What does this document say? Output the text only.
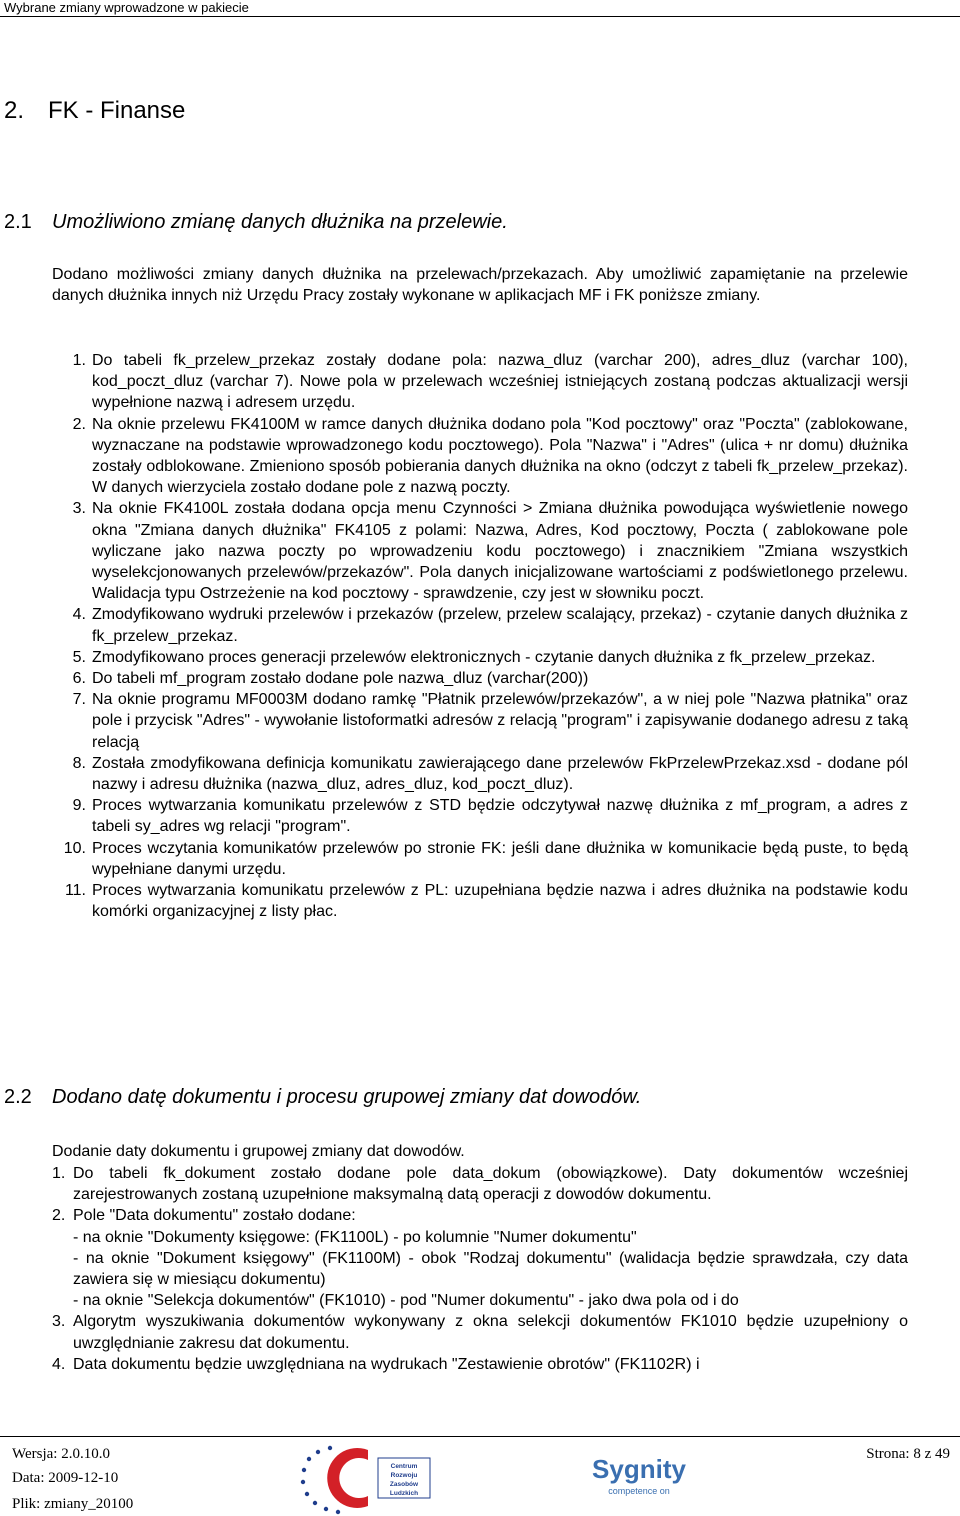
Wybrane zmiany wprowadzone w pakiecie
2. FK - Finanse
2.1 Umożliwiono zmianę danych dłużnika na przelewie.

Dodano możliwości zmiany danych dłużnika na przelewach/przekazach. Aby umożliwić zapamiętanie na przelewie danych dłużnika innych niż Urzędu Pracy zostały wykonane w aplikacjach MF i FK poniższe zmiany.

1. Do tabeli fk_przelew_przekaz zostały dodane pola: nazwa_dluz (varchar 200), adres_dluz (varchar 100), kod_poczt_dluz (varchar 7). Nowe pola w przelewach wcześniej istniejących zostaną podczas aktualizacji wersji wypełnione nazwą i adresem urzędu.
2. Na oknie przelewu FK4100M w ramce danych dłużnika dodano pola "Kod pocztowy" oraz "Poczta" (zablokowane, wyznaczane na podstawie wprowadzonego kodu pocztowego). Pola "Nazwa" i "Adres" (ulica + nr domu) dłużnika zostały odblokowane. Zmieniono sposób pobierania danych dłużnika na okno (odczyt z tabeli fk_przelew_przekaz). W danych wierzyciela zostało dodane pole z nazwą poczty.
3. Na oknie FK4100L została dodana opcja menu Czynności > Zmiana dłużnika powodująca wyświetlenie nowego okna "Zmiana danych dłużnika" FK4105 z polami: Nazwa, Adres, Kod pocztowy, Poczta ( zablokowane pole wyliczane jako nazwa poczty po wprowadzeniu kodu pocztowego) i znacznikiem "Zmiana wszystkich wyselekcjonowanych przelewów/przekazów". Pola danych inicjalizowane wartościami z podświetlonego przelewu. Walidacja typu Ostrzeżenie na kod pocztowy - sprawdzenie, czy jest w słowniku poczt.
4. Zmodyfikowano wydruki przelewów i przekazów (przelew, przelew scalający, przekaz) - czytanie danych dłużnika z fk_przelew_przekaz.
5. Zmodyfikowano proces generacji przelewów elektronicznych - czytanie danych dłużnika z fk_przelew_przekaz.
6. Do tabeli mf_program zostało dodane pole nazwa_dluz (varchar(200))
7. Na oknie programu MF0003M dodano ramkę "Płatnik przelewów/przekazów", a w niej pole "Nazwa płatnika" oraz pole i przycisk "Adres" - wywołanie listoformatki adresów z relacją "program" i zapisywanie dodanego adresu z taką relacją
8. Została zmodyfikowana definicja komunikatu zawierającego dane przelewów FkPrzelewPrzekaz.xsd - dodane pól nazwy i adresu dłużnika (nazwa_dluz, adres_dluz, kod_poczt_dluz).
9. Proces wytwarzania komunikatu przelewów z STD będzie odczytywał nazwę dłużnika z mf_program, a adres z tabeli sy_adres wg relacji "program".
10. Proces wczytania komunikatów przelewów po stronie FK: jeśli dane dłużnika w komunikacie będą puste, to będą wypełniane danymi urzędu.
11. Proces wytwarzania komunikatu przelewów z PL: uzupełniana będzie nazwa i adres dłużnika na podstawie kodu komórki organizacyjnej z listy płac.
2.2 Dodano datę dokumentu i procesu grupowej zmiany dat dowodów.

Dodanie daty dokumentu i grupowej zmiany dat dowodów.

1. Do tabeli fk_dokument zostało dodane pole data_dokum (obowiązkowe). Daty dokumentów wcześniej zarejestrowanych zostaną uzupełnione maksymalną datą operacji z dowodów dokumentu.
2. Pole "Data dokumentu" zostało dodane:
- na oknie "Dokumenty księgowe: (FK1100L) - po kolumnie "Numer dokumentu"
- na oknie "Dokument księgowy" (FK1100M) - obok "Rodzaj dokumentu" (walidacja będzie sprawdzała, czy data zawiera się w miesiącu dokumentu)
- na oknie "Selekcja dokumentów" (FK1010) - pod "Numer dokumentu" - jako dwa pola od i do
3. Algorytm wyszukiwania dokumentów wykonywany z okna selekcji dokumentów FK1010 będzie uzupełniony o uwzględnianie zakresu dat dokumentu.
4. Data dokumentu będzie uwzględniana na wydrukach "Zestawienie obrotów" (FK1102R) i
Wersja: 2.0.10.0
Data: 2009-12-10
Plik: zmiany_20100
Strona: 8 z 49
Centrum
Rozwoju
Zasobów
Ludzkich
Sygnity
competence on
